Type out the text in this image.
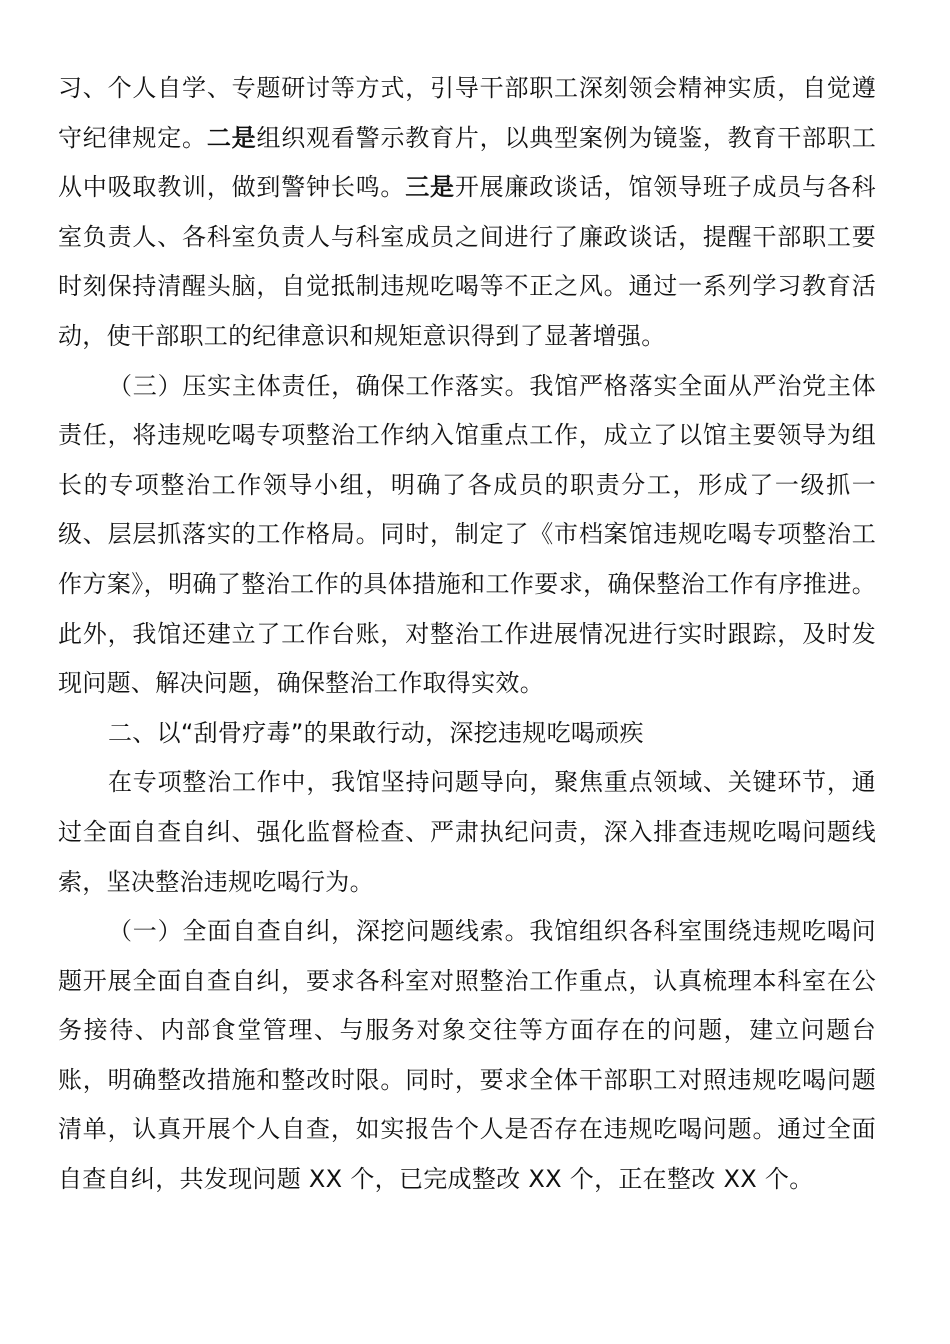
习、个人自学、专题研讨等方式，引导干部职工深刻领会精神实质，自觉遵守纪律规定。二是组织观看警示教育片，以典型案例为镜鉴，教育干部职工从中吸取教训，做到警钟长鸣。三是开展廉政谈话，馆领导班子成员与各科室负责人、各科室负责人与科室成员之间进行了廉政谈话，提醒干部职工要时刻保持清醒头脑，自觉抵制违规吃喝等不正之风。通过一系列学习教育活动，使干部职工的纪律意识和规矩意识得到了显著增强。

（三）压实主体责任，确保工作落实。我馆严格落实全面从严治党主体责任，将违规吃喝专项整治工作纳入馆重点工作，成立了以馆主要领导为组长的专项整治工作领导小组，明确了各成员的职责分工，形成了一级抓一级、层层抓落实的工作格局。同时，制定了《市档案馆违规吃喝专项整治工作方案》，明确了整治工作的具体措施和工作要求，确保整治工作有序推进。此外，我馆还建立了工作台账，对整治工作进展情况进行实时跟踪，及时发现问题、解决问题，确保整治工作取得实效。

二、以“刮骨疗毒”的果敢行动，深挖违规吃喝顽疾

在专项整治工作中，我馆坚持问题导向，聚焦重点领域、关键环节，通过全面自查自纠、强化监督检查、严肃执纪问责，深入排查违规吃喝问题线索，坚决整治违规吃喝行为。

（一）全面自查自纠，深挖问题线索。我馆组织各科室围绕违规吃喝问题开展全面自查自纠，要求各科室对照整治工作重点，认真梳理本科室在公务接待、内部食堂管理、与服务对象交往等方面存在的问题，建立问题台账，明确整改措施和整改时限。同时，要求全体干部职工对照违规吃喝问题清单，认真开展个人自查，如实报告个人是否存在违规吃喝问题。通过全面自查自纠，共发现问题 XX 个，已完成整改 XX 个，正在整改 XX 个。
